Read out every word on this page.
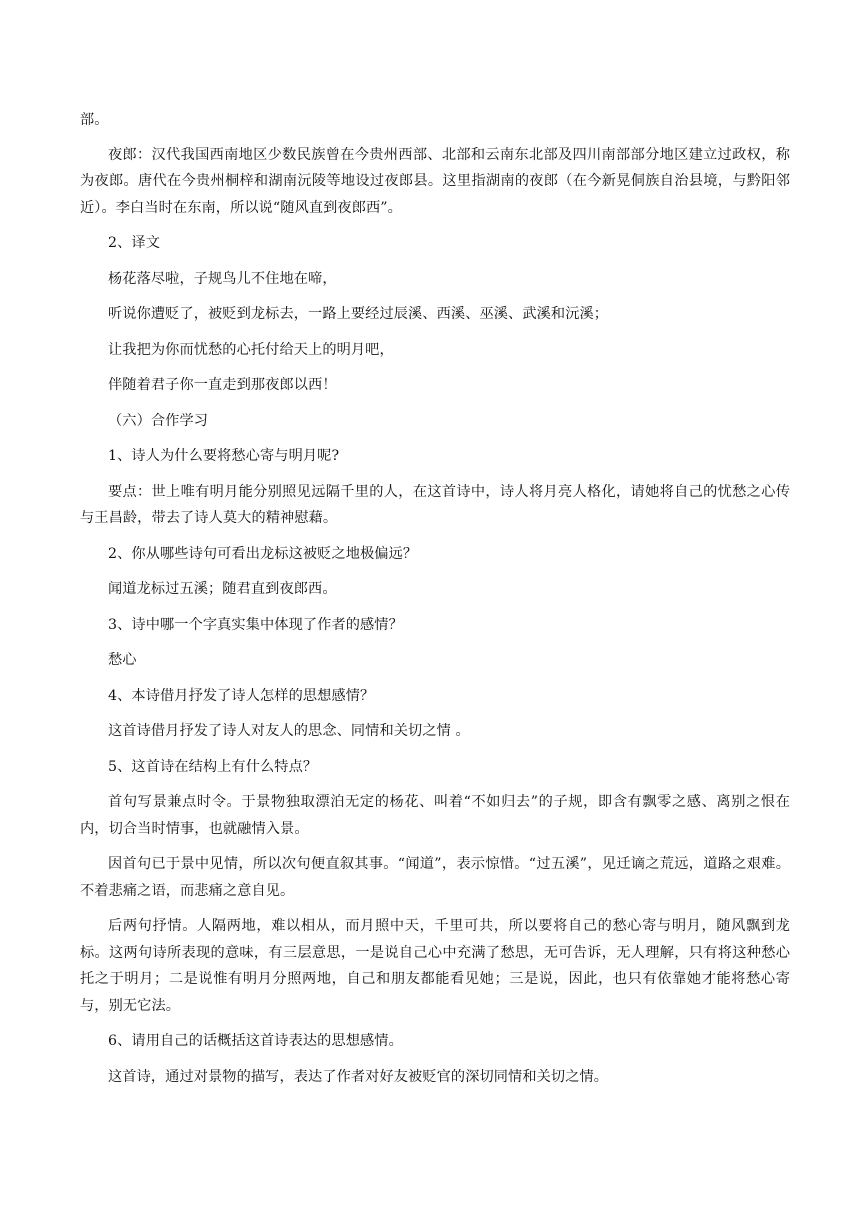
部。

夜郎：汉代我国西南地区少数民族曾在今贵州西部、北部和云南东北部及四川南部部分地区建立过政权，称为夜郎。唐代在今贵州桐梓和湖南沅陵等地设过夜郎县。这里指湖南的夜郎（在今新晃侗族自治县境，与黔阳邻近）。李白当时在东南，所以说“随风直到夜郎西”。

2、译文

杨花落尽啦，子规鸟儿不住地在啼，

听说你遭贬了，被贬到龙标去，一路上要经过辰溪、西溪、巫溪、武溪和沅溪；

让我把为你而忧愁的心托付给天上的明月吧，

伴随着君子你一直走到那夜郎以西！

（六）合作学习

1、诗人为什么要将愁心寄与明月呢?

要点：世上唯有明月能分别照见远隔千里的人，在这首诗中，诗人将月亮人格化，请她将自己的忧愁之心传与王昌龄，带去了诗人莫大的精神慰藉。

2、你从哪些诗句可看出龙标这被贬之地极偏远？

闻道龙标过五溪；随君直到夜郎西。

3、诗中哪一个字真实集中体现了作者的感情？

愁心

4、本诗借月抒发了诗人怎样的思想感情？

这首诗借月抒发了诗人对友人的思念、同情和关切之情 。

5、这首诗在结构上有什么特点？

首句写景兼点时令。于景物独取漂泊无定的杨花、叫着“不如归去”的子规，即含有飘零之感、离别之恨在内，切合当时情事，也就融情入景。

因首句已于景中见情，所以次句便直叙其事。“闻道”，表示惊惜。“过五溪”，见迁谪之荒远，道路之艰难。不着悲痛之语，而悲痛之意自见。

后两句抒情。人隔两地，难以相从，而月照中天，千里可共，所以要将自己的愁心寄与明月，随风飘到龙标。这两句诗所表现的意味，有三层意思，一是说自己心中充满了愁思，无可告诉，无人理解，只有将这种愁心托之于明月；二是说惟有明月分照两地，自己和朋友都能看见她；三是说，因此，也只有依靠她才能将愁心寄与，别无它法。

6、请用自己的话概括这首诗表达的思想感情。

这首诗，通过对景物的描写，表达了作者对好友被贬官的深切同情和关切之情。
